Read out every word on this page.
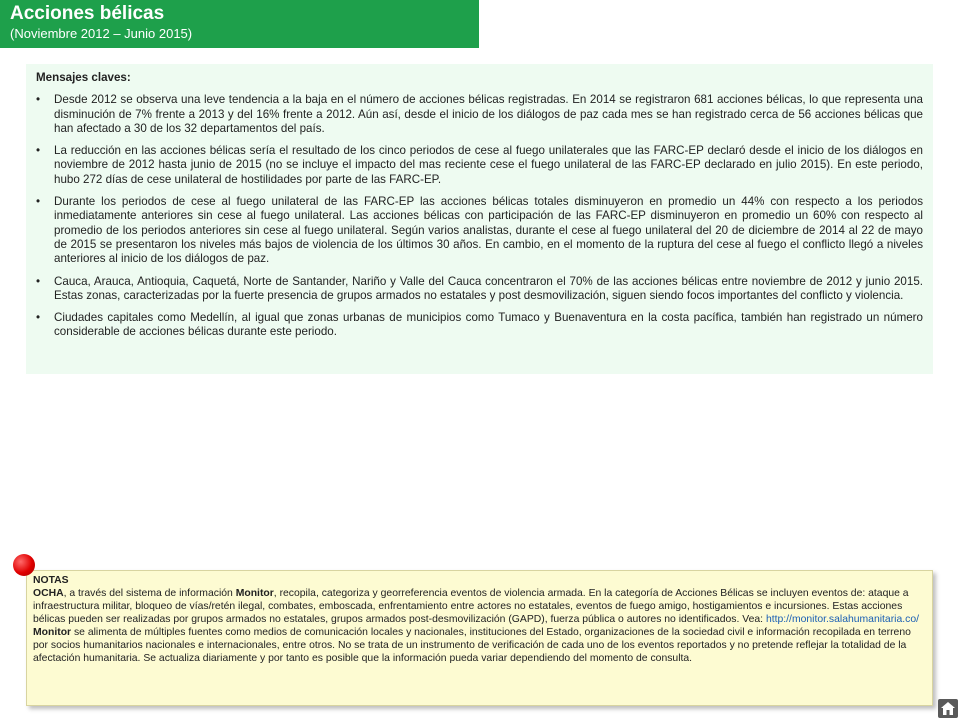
Acciones bélicas
(Noviembre 2012 – Junio 2015)
Mensajes claves:
• Desde 2012 se observa una leve tendencia a la baja en el número de acciones bélicas registradas. En 2014 se registraron 681 acciones bélicas, lo que representa una disminución de 7% frente a 2013 y del 16% frente a 2012. Aún así, desde el inicio de los diálogos de paz cada mes se han registrado cerca de 56 acciones bélicas que han afectado a 30 de los 32 departamentos del país.
• La reducción en las acciones bélicas sería el resultado de los cinco periodos de cese al fuego unilaterales que las FARC-EP declaró desde el inicio de los diálogos en noviembre de 2012 hasta junio de 2015 (no se incluye el impacto del mas reciente cese el fuego unilateral de las FARC-EP declarado en julio 2015). En este periodo, hubo 272 días de cese unilateral de hostilidades por parte de las FARC-EP.
• Durante los periodos de cese al fuego unilateral de las FARC-EP las acciones bélicas totales disminuyeron en promedio un 44% con respecto a los periodos inmediatamente anteriores sin cese al fuego unilateral. Las acciones bélicas con participación de las FARC-EP disminuyeron en promedio un 60% con respecto al promedio de los periodos anteriores sin cese al fuego unilateral. Según varios analistas, durante el cese al fuego unilateral del 20 de diciembre de 2014 al 22 de mayo de 2015 se presentaron los niveles más bajos de violencia de los últimos 30 años. En cambio, en el momento de la ruptura del cese al fuego el conflicto llegó a niveles anteriores al inicio de los diálogos de paz.
• Cauca, Arauca, Antioquia, Caquetá, Norte de Santander, Nariño y Valle del Cauca concentraron el 70% de las acciones bélicas entre noviembre de 2012 y junio 2015. Estas zonas, caracterizadas por la fuerte presencia de grupos armados no estatales y post desmovilización, siguen siendo focos importantes del conflicto y violencia.
• Ciudades capitales como Medellín, al igual que zonas urbanas de municipios como Tumaco y Buenaventura en la costa pacífica, también han registrado un número considerable de acciones bélicas durante este periodo.
NOTAS
OCHA, a través del sistema de información Monitor, recopila, categoriza y georreferencia eventos de violencia armada. En la categoría de Acciones Bélicas se incluyen eventos de: ataque a infraestructura militar, bloqueo de vías/retén ilegal, combates, emboscada, enfrentamiento entre actores no estatales, eventos de fuego amigo, hostigamientos e incursiones. Estas acciones bélicas pueden ser realizadas por grupos armados no estatales, grupos armados post-desmovilización (GAPD), fuerza pública o autores no identificados. Vea: http://monitor.salahumanitaria.co/
Monitor se alimenta de múltiples fuentes como medios de comunicación locales y nacionales, instituciones del Estado, organizaciones de la sociedad civil e información recopilada en terreno por socios humanitarios nacionales e internacionales, entre otros. No se trata de un instrumento de verificación de cada uno de los eventos reportados y no pretende reflejar la totalidad de la afectación humanitaria. Se actualiza diariamente y por tanto es posible que la información pueda variar dependiendo del momento de consulta.
